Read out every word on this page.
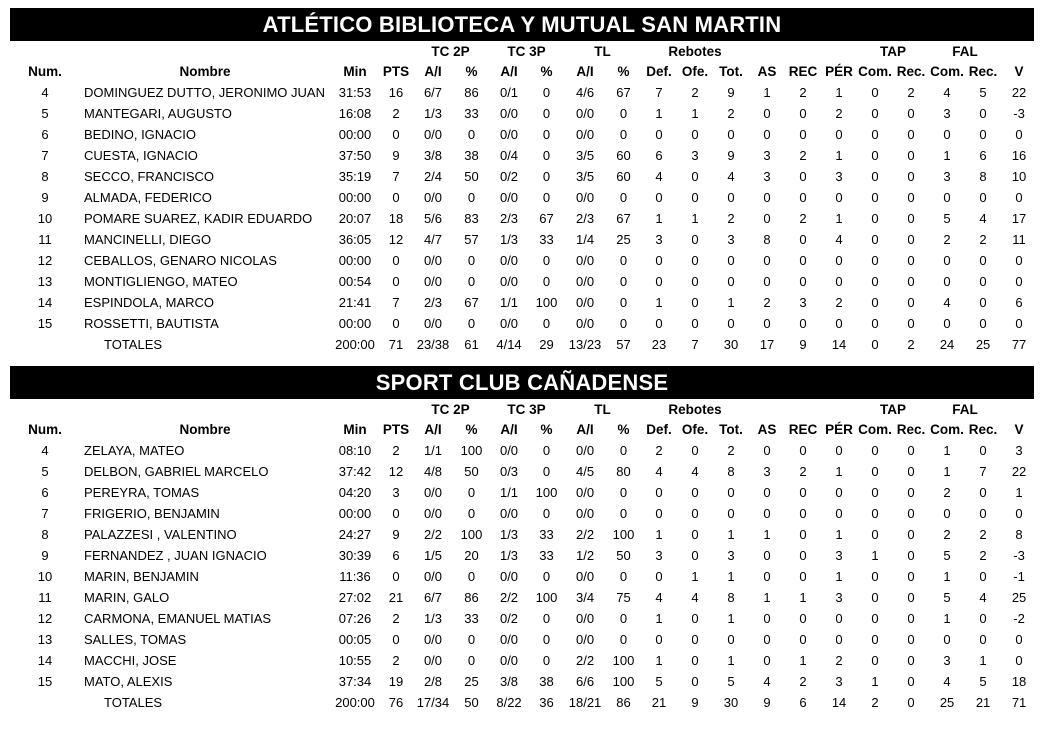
ATLÉTICO BIBLIOTECA Y MUTUAL SAN MARTIN
				TC 2P		TC 3P		TL		Rebotes						TAP		FAL		
Num.	Nombre	Min	PTS	A/I	%	A/I	%	A/I	%	Def.	Ofe.	Tot.	AS	REC	PÉR	Com.	Rec.	Com.	Rec.	V
4	DOMINGUEZ DUTTO, JERONIMO JUAN	31:53	16	6/7	86	0/1	0	4/6	67	7	2	9	1	2	1	0	2	4	5	22
5	MANTEGARI, AUGUSTO	16:08	2	1/3	33	0/0	0	0/0	0	1	1	2	0	0	2	0	0	3	0	-3
6	BEDINO, IGNACIO	00:00	0	0/0	0	0/0	0	0/0	0	0	0	0	0	0	0	0	0	0	0	0
7	CUESTA, IGNACIO	37:50	9	3/8	38	0/4	0	3/5	60	6	3	9	3	2	1	0	0	1	6	16
8	SECCO, FRANCISCO	35:19	7	2/4	50	0/2	0	3/5	60	4	0	4	3	0	3	0	0	3	8	10
9	ALMADA, FEDERICO	00:00	0	0/0	0	0/0	0	0/0	0	0	0	0	0	0	0	0	0	0	0	0
10	POMARE SUAREZ, KADIR EDUARDO	20:07	18	5/6	83	2/3	67	2/3	67	1	1	2	0	2	1	0	0	5	4	17
11	MANCINELLI, DIEGO	36:05	12	4/7	57	1/3	33	1/4	25	3	0	3	8	0	4	0	0	2	2	11
12	CEBALLOS, GENARO NICOLAS	00:00	0	0/0	0	0/0	0	0/0	0	0	0	0	0	0	0	0	0	0	0	0
13	MONTIGLIENGO, MATEO	00:54	0	0/0	0	0/0	0	0/0	0	0	0	0	0	0	0	0	0	0	0	0
14	ESPINDOLA, MARCO	21:41	7	2/3	67	1/1	100	0/0	0	1	0	1	2	3	2	0	0	4	0	6
15	ROSSETTI, BAUTISTA	00:00	0	0/0	0	0/0	0	0/0	0	0	0	0	0	0	0	0	0	0	0	0
TOTALES		200:00	71	23/38	61	4/14	29	13/23	57	23	7	30	17	9	14	0	2	24	25	77
SPORT CLUB CAÑADENSE
				TC 2P		TC 3P		TL		Rebotes						TAP		FAL		
Num.	Nombre	Min	PTS	A/I	%	A/I	%	A/I	%	Def.	Ofe.	Tot.	AS	REC	PÉR	Com.	Rec.	Com.	Rec.	V
4	ZELAYA, MATEO	08:10	2	1/1	100	0/0	0	0/0	0	2	0	2	0	0	0	0	0	1	0	3
5	DELBON, GABRIEL MARCELO	37:42	12	4/8	50	0/3	0	4/5	80	4	4	8	3	2	1	0	0	1	7	22
6	PEREYRA, TOMAS	04:20	3	0/0	0	1/1	100	0/0	0	0	0	0	0	0	0	0	0	2	0	1
7	FRIGERIO, BENJAMIN	00:00	0	0/0	0	0/0	0	0/0	0	0	0	0	0	0	0	0	0	0	0	0
8	PALAZZESI , VALENTINO	24:27	9	2/2	100	1/3	33	2/2	100	1	0	1	1	0	1	0	0	2	2	8
9	FERNANDEZ , JUAN IGNACIO	30:39	6	1/5	20	1/3	33	1/2	50	3	0	3	0	0	3	1	0	5	2	-3
10	MARIN, BENJAMIN	11:36	0	0/0	0	0/0	0	0/0	0	0	1	1	0	0	1	0	0	1	0	-1
11	MARIN, GALO	27:02	21	6/7	86	2/2	100	3/4	75	4	4	8	1	1	3	0	0	5	4	25
12	CARMONA, EMANUEL MATIAS	07:26	2	1/3	33	0/2	0	0/0	0	1	0	1	0	0	0	0	0	1	0	-2
13	SALLES, TOMAS	00:05	0	0/0	0	0/0	0	0/0	0	0	0	0	0	0	0	0	0	0	0	0
14	MACCHI, JOSE	10:55	2	0/0	0	0/0	0	2/2	100	1	0	1	0	1	2	0	0	3	1	0
15	MATO, ALEXIS	37:34	19	2/8	25	3/8	38	6/6	100	5	0	5	4	2	3	1	0	4	5	18
TOTALES		200:00	76	17/34	50	8/22	36	18/21	86	21	9	30	9	6	14	2	0	25	21	71
